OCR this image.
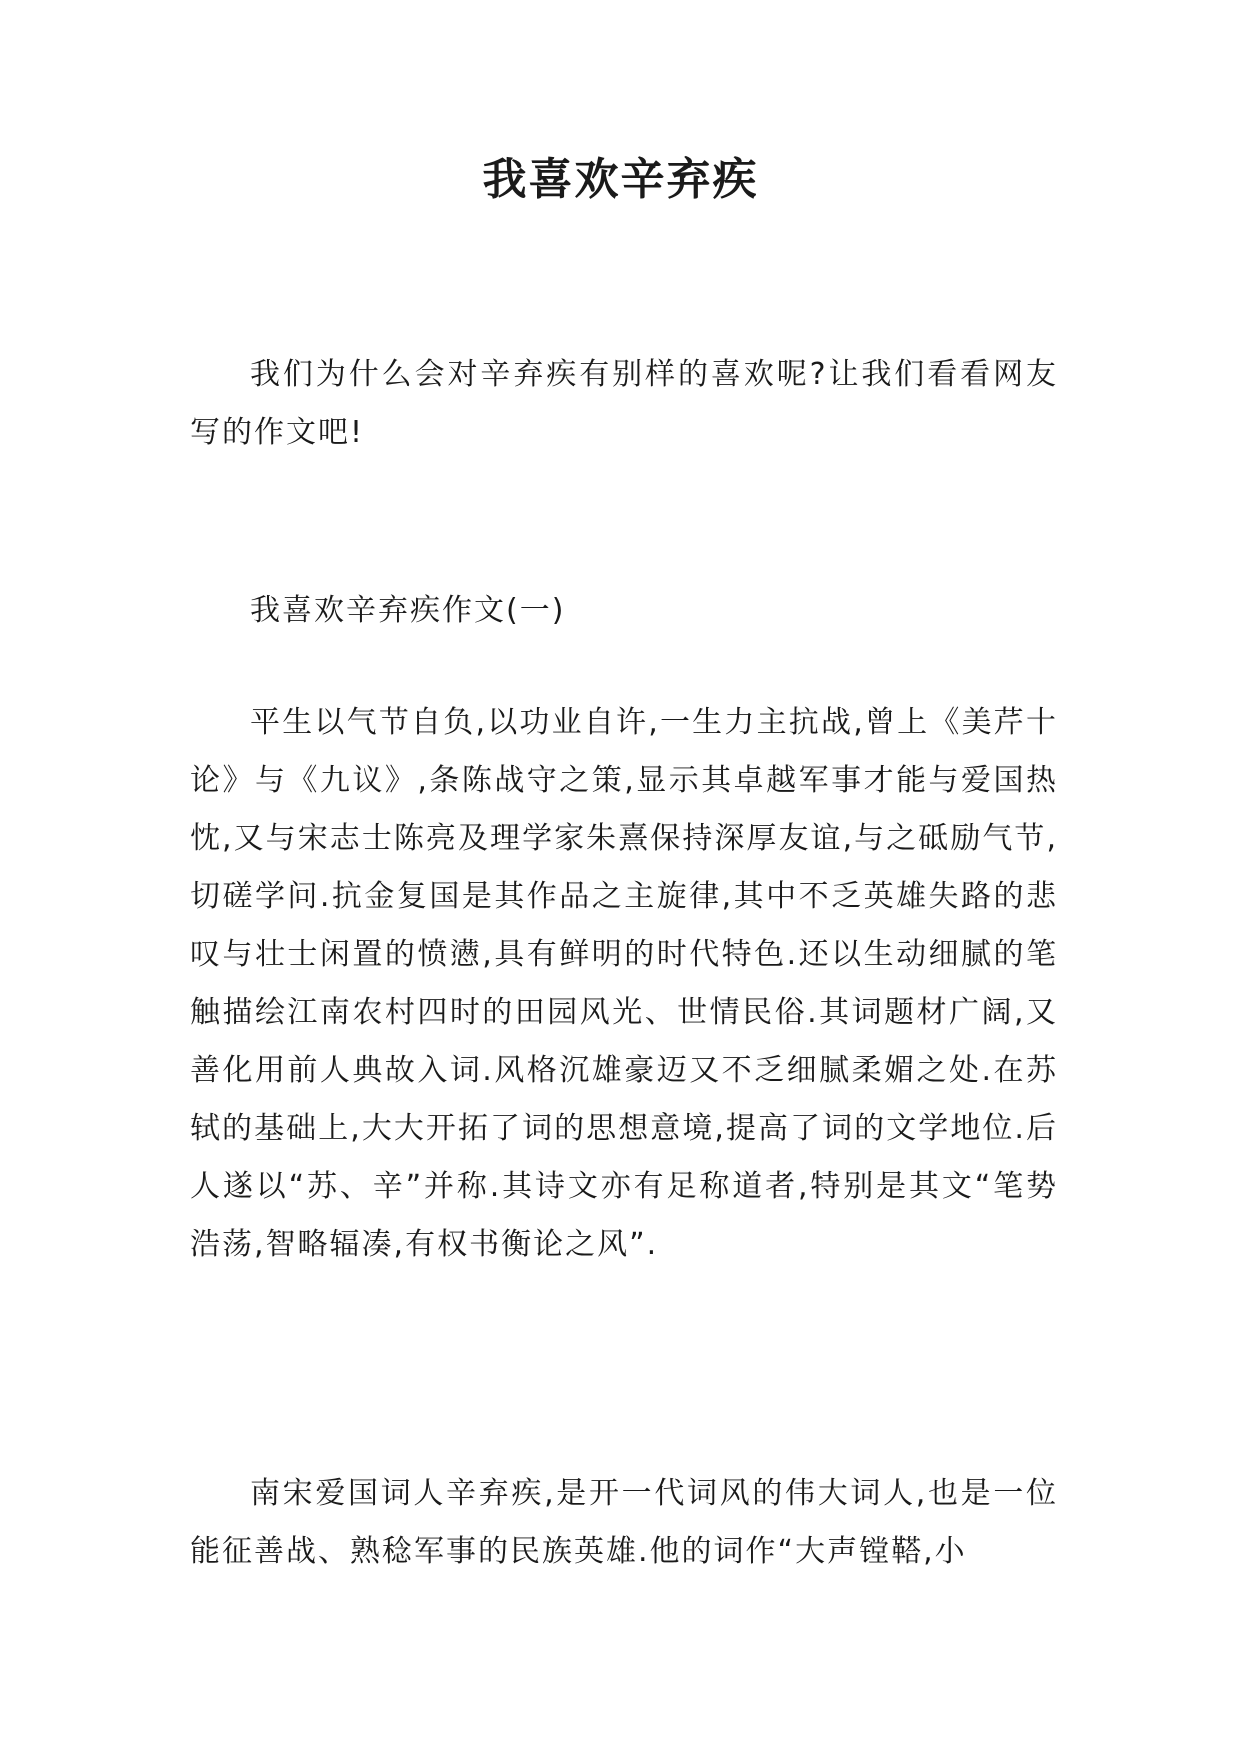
我喜欢辛弃疾

我们为什么会对辛弃疾有别样的喜欢呢?让我们看看网友写的作文吧!

我喜欢辛弃疾作文(一)

平生以气节自负,以功业自许,一生力主抗战,曾上《美芹十论》与《九议》,条陈战守之策,显示其卓越军事才能与爱国热忱,又与宋志士陈亮及理学家朱熹保持深厚友谊,与之砥励气节,切磋学问.抗金复国是其作品之主旋律,其中不乏英雄失路的悲叹与壮士闲置的愤懑,具有鲜明的时代特色.还以生动细腻的笔触描绘江南农村四时的田园风光、世情民俗.其词题材广阔,又善化用前人典故入词.风格沉雄豪迈又不乏细腻柔媚之处.在苏轼的基础上,大大开拓了词的思想意境,提高了词的文学地位.后人遂以“苏、辛”并称.其诗文亦有足称道者,特别是其文“笔势浩荡,智略辐凑,有权书衡论之风”.

南宋爱国词人辛弃疾,是开一代词风的伟大词人,也是一位能征善战、熟稔军事的民族英雄.他的词作“大声镗鞳,小
